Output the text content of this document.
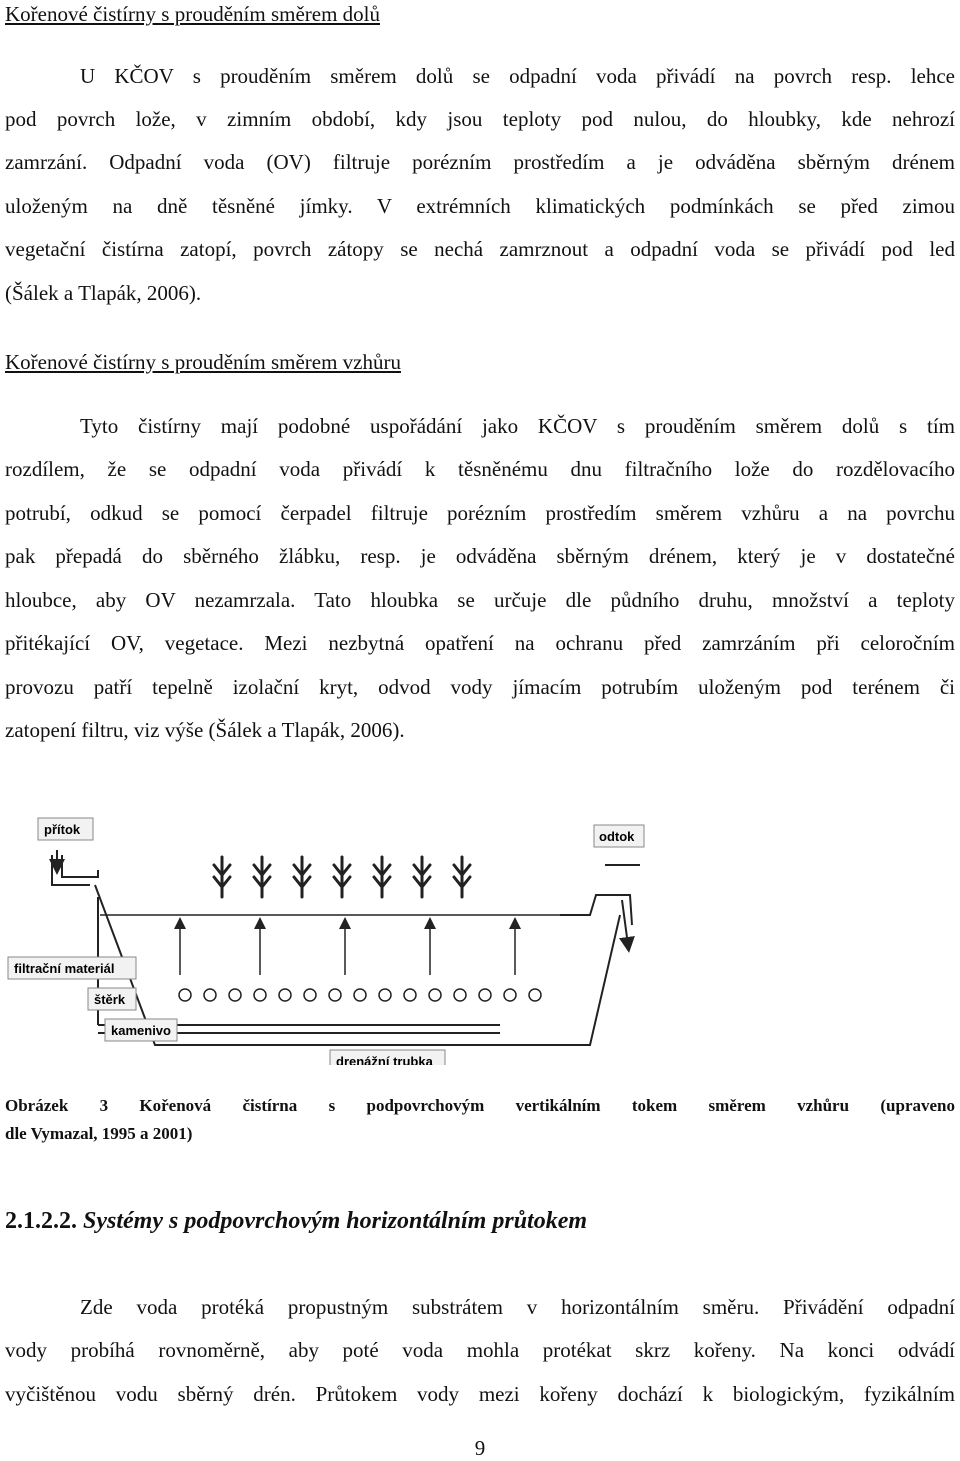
Kořenové čistírny s prouděním směrem dolů
U KČOV s prouděním směrem dolů se odpadní voda přivádí na povrch resp. lehce
pod povrch lože, v zimním období, kdy jsou teploty pod nulou, do hloubky, kde nehrozí
zamrzání. Odpadní voda (OV) filtruje porézním prostředím a je odváděna sběrným drénem
uloženým na dně těsněné jímky. V extrémních klimatických podmínkách se před zimou
vegetační čistírna zatopí, povrch zátopy se nechá zamrznout a odpadní voda se přivádí pod led
(Šálek a Tlapák, 2006).
Kořenové čistírny s prouděním směrem vzhůru
Tyto čistírny mají podobné uspořádání jako KČOV s prouděním směrem dolů s tím
rozdílem, že se odpadní voda přivádí k těsněnému dnu filtračního lože do rozdělovacího
potrubí, odkud se pomocí čerpadel filtruje porézním prostředím směrem vzhůru a na povrchu
pak přepadá do sběrného žlábku, resp. je odváděna sběrným drénem, který je v dostatečné
hloubce, aby OV nezamrzala. Tato hloubka se určuje dle půdního druhu, množství a teploty
přitékající OV, vegetace. Mezi nezbytná opatření na ochranu před zamrzáním při celoročním
provozu patří tepelně izolační kryt, odvod vody jímacím potrubím uloženým pod terénem či
zatopení filtru, viz výše (Šálek a Tlapák, 2006).
přítok	odtok
filtrační materiál
štěrk
kamenivo
drenážní trubka
Obrázek 3 Kořenová čistírna s podpovrchovým vertikálním tokem směrem vzhůru (upraveno
dle Vymazal, 1995 a 2001)
2.1.2.2. Systémy s podpovrchovým horizontálním průtokem
Zde voda protéká propustným substrátem v horizontálním směru. Přivádění odpadní
vody probíhá rovnoměrně, aby poté voda mohla protékat skrz kořeny. Na konci odvádí
vyčištěnou vodu sběrný drén. Průtokem vody mezi kořeny dochází k biologickým, fyzikálním
9
